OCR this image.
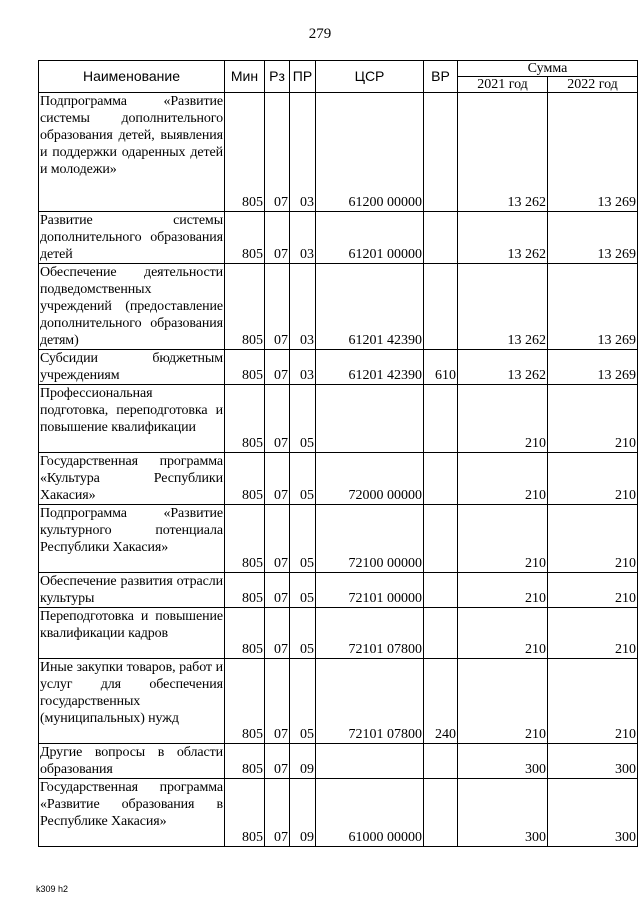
279
Наименование	Мин	Рз	ПР	ЦСР	ВР	Сумма	
						2021 год	2022 год
Подпрограмма «Развитие системы дополнительного образования детей, выявления и поддержки одаренных детей и молодежи»	805	07	03	61200 00000		13 262	13 269
Развитие системы дополнительного образования детей	805	07	03	61201 00000		13 262	13 269
Обеспечение деятельности подведомственных учреждений (предоставление дополнительного образования детям)	805	07	03	61201 42390		13 262	13 269
Субсидии бюджетным учреждениям	805	07	03	61201 42390	610	13 262	13 269
Профессиональная подготовка, переподготовка и повышение квалификации	805	07	05			210	210
Государственная программа «Культура Республики Хакасия»	805	07	05	72000 00000		210	210
Подпрограмма «Развитие культурного потенциала Республики Хакасия»	805	07	05	72100 00000		210	210
Обеспечение развития отрасли культуры	805	07	05	72101 00000		210	210
Переподготовка и повышение квалификации кадров	805	07	05	72101 07800		210	210
Иные закупки товаров, работ и услуг для обеспечения государственных (муниципальных) нужд	805	07	05	72101 07800	240	210	210
Другие вопросы в области образования	805	07	09			300	300
Государственная программа «Развитие образования в Республике Хакасия»	805	07	09	61000 00000		300	300
k309 h2
